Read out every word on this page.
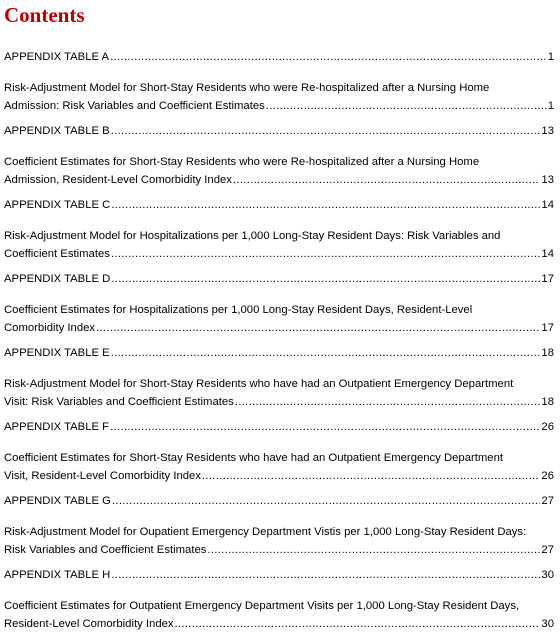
Contents
APPENDIX TABLE A .....	1
Risk-Adjustment Model for Short-Stay Residents who were Re-hospitalized after a Nursing Home
Admission: Risk Variables and Coefficient Estimates .....	1
APPENDIX TABLE B .....	13
Coefficient Estimates for Short-Stay Residents who were Re-hospitalized after a Nursing Home
Admission, Resident-Level Comorbidity Index .....	13
APPENDIX TABLE C .....	14
Risk-Adjustment Model for Hospitalizations per 1,000 Long-Stay Resident Days: Risk Variables and
Coefficient Estimates .....	14
APPENDIX TABLE D .....	17
Coefficient Estimates for Hospitalizations per 1,000 Long-Stay Resident Days, Resident-Level
Comorbidity Index .....	17
APPENDIX TABLE E .....	18
Risk-Adjustment Model for Short-Stay Residents who have had an Outpatient Emergency Department
Visit: Risk Variables and Coefficient Estimates .....	18
APPENDIX TABLE F .....	26
Coefficient Estimates for Short-Stay Residents who have had an Outpatient Emergency Department
Visit, Resident-Level Comorbidity Index .....	26
APPENDIX TABLE G .....	27
Risk-Adjustment Model for Oupatient Emergency Department Vistis per 1,000 Long-Stay Resident Days:
Risk Variables and Coefficient Estimates .....	27
APPENDIX TABLE H .....	30
Coefficient Estimates for Outpatient Emergency Department Visits per 1,000 Long-Stay Resident Days,
Resident-Level Comorbidity Index .....	30
